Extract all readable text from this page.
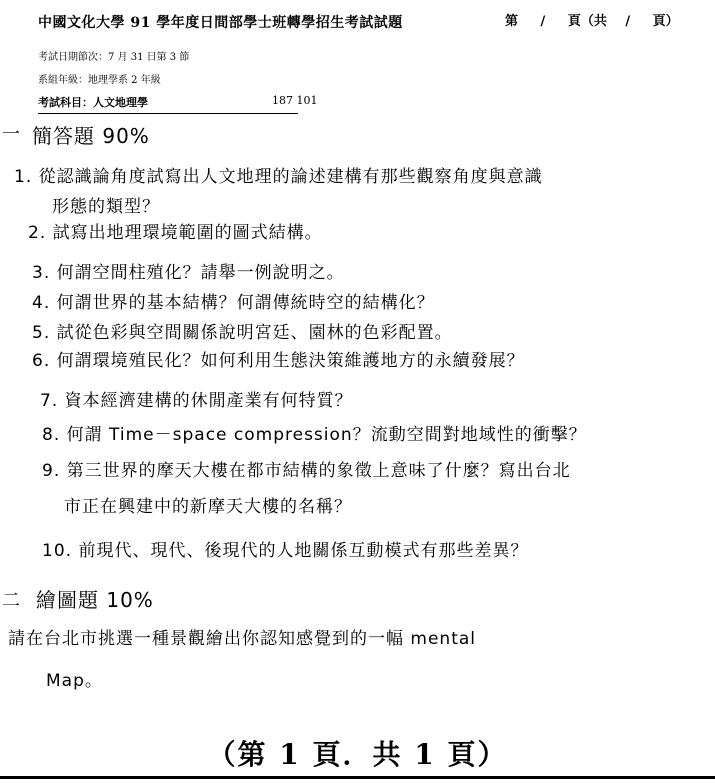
中國文化大學 91 學年度日間部學士班轉學招生考試試題	第 / 頁（共 / 頁）
考試日期節次：7 月 31 日第 3 節
系組年級：地理學系 2 年級
考試科目：人文地理學	187 101
一 簡答題 90%
1. 從認識論角度試寫出人文地理的論述建構有那些觀察角度與意識
形態的類型？
2. 試寫出地理環境範圍的圖式結構。
3. 何謂空間柱殖化？請舉一例說明之。
4. 何謂世界的基本結構？何謂傳統時空的結構化？
5. 試從色彩與空間關係說明宮廷、園林的色彩配置。
6. 何謂環境殖民化？如何利用生態決策維護地方的永續發展？
7. 資本經濟建構的休閒產業有何特質？
8. 何謂 Time－space compression？流動空間對地域性的衝擊？
9. 第三世界的摩天大樓在都市結構的象徵上意味了什麼？寫出台北
市正在興建中的新摩天大樓的名稱？
10. 前現代、現代、後現代的人地關係互動模式有那些差異？
二 繪圖題 10%
請在台北市挑選一種景觀繪出你認知感覺到的一幅 mental
Map。
（第 1 頁．共 1 頁）
